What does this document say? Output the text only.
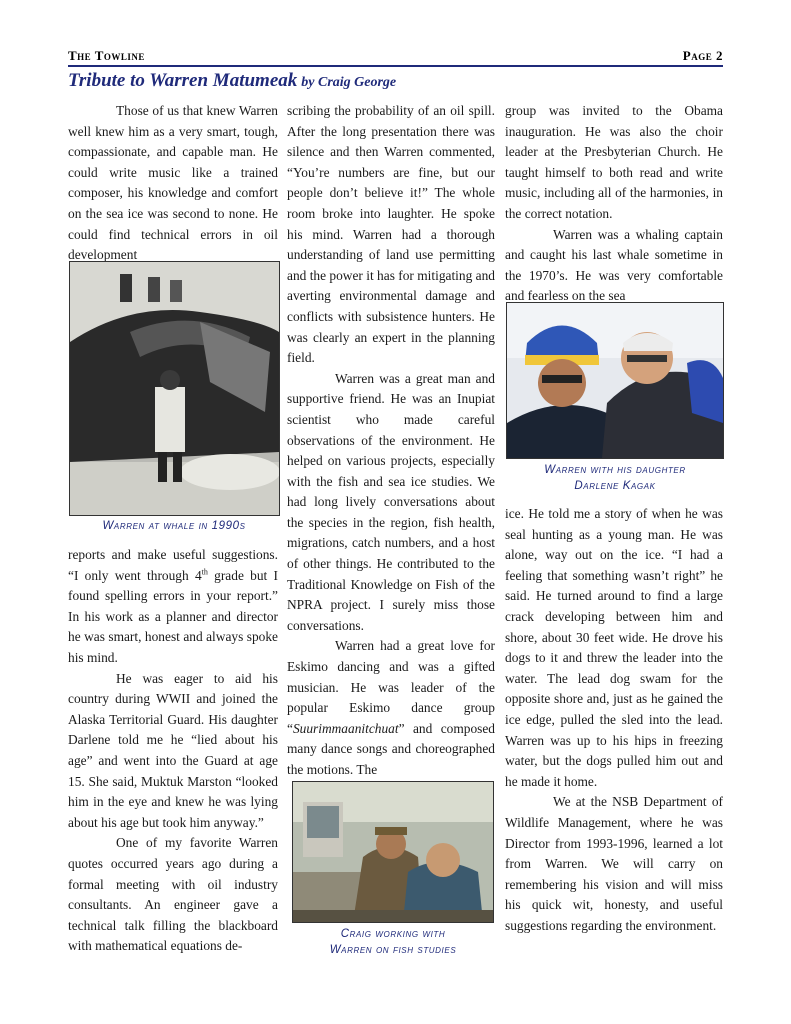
The Towline	Page 2
Tribute to Warren Matumeak by Craig George

Those of us that knew Warren well knew him as a very smart, tough, compassionate, and capable man. He could write music like a trained composer, his knowledge and comfort on the sea ice was second to none. He could find technical errors in oil development

Warren at whale in 1990s

reports and make useful suggestions. “I only went through 4th grade but I found spelling errors in your report.” In his work as a planner and director he was smart, honest and always spoke his mind.

He was eager to aid his country during WWII and joined the Alaska Territorial Guard. His daughter Darlene told me he “lied about his age” and went into the Guard at age 15. She said, Muktuk Marston “looked him in the eye and knew he was lying about his age but took him anyway.”

One of my favorite Warren quotes occurred years ago during a formal meeting with oil industry consultants. An engineer gave a technical talk filling the blackboard with mathematical equations de-

scribing the probability of an oil spill. After the long presentation there was silence and then Warren commented, “You’re numbers are fine, but our people don’t believe it!” The whole room broke into laughter. He spoke his mind. Warren had a thorough understanding of land use permitting and the power it has for mitigating and averting environmental damage and conflicts with subsistence hunters. He was clearly an expert in the planning field.

Warren was a great man and supportive friend. He was an Inupiat scientist who made careful observations of the environment. He helped on various projects, especially with the fish and sea ice studies. We had long lively conversations about the species in the region, fish health, migrations, catch numbers, and a host of other things. He contributed to the Traditional Knowledge on Fish of the NPRA project. I surely miss those conversations.

Warren had a great love for Eskimo dancing and was a gifted musician. He was leader of the popular Eskimo dance group “Suurimmaanitchuat” and composed many dance songs and choreographed the motions. The

Craig working with
Warren on fish studies

group was invited to the Obama inauguration. He was also the choir leader at the Presbyterian Church. He taught himself to both read and write music, including all of the harmonies, in the correct notation.

Warren was a whaling captain and caught his last whale sometime in the 1970’s. He was very comfortable and fearless on the sea

Warren with his daughter
Darlene Kagak

ice. He told me a story of when he was seal hunting as a young man. He was alone, way out on the ice. “I had a feeling that something wasn’t right” he said. He turned around to find a large crack developing between him and shore, about 30 feet wide. He drove his dogs to it and threw the leader into the water. The lead dog swam for the opposite shore and, just as he gained the ice edge, pulled the sled into the lead. Warren was up to his hips in freezing water, but the dogs pulled him out and he made it home.

We at the NSB Department of Wildlife Management, where he was Director from 1993-1996, learned a lot from Warren. We will carry on remembering his vision and will miss his quick wit, honesty, and useful suggestions regarding the environment.
